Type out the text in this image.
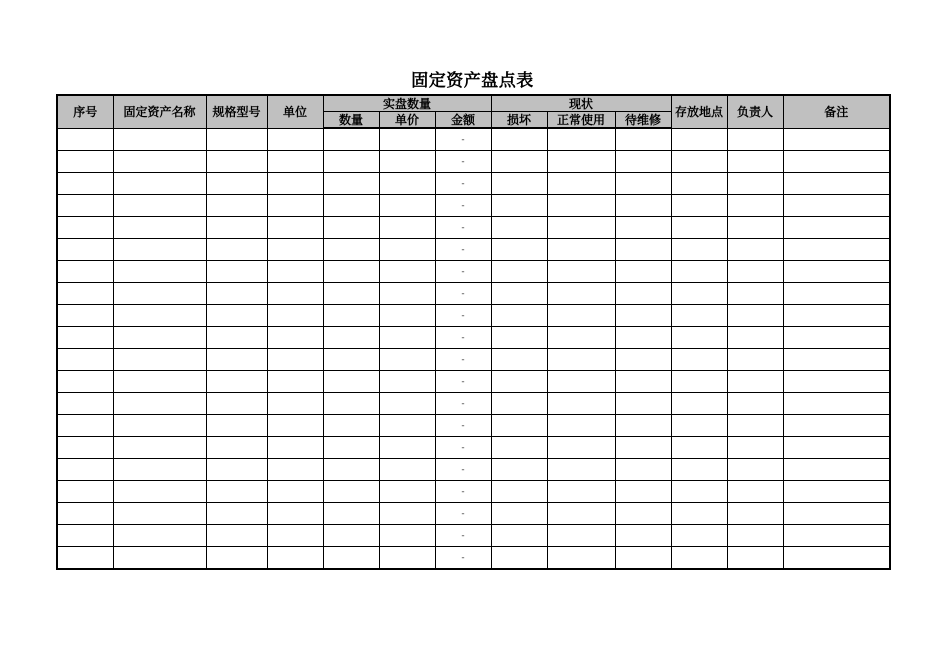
固定资产盘点表
序号	固定资产名称	规格型号	单位	实盘数量			现状			存放地点	负责人	备注
				数量	单价	金额	损坏	正常使用	待维修			
						-						
						-						
						-						
						-						
						-						
						-						
						-						
						-						
						-						
						-						
						-						
						-						
						-						
						-						
						-						
						-						
						-						
						-						
						-						
						-						
